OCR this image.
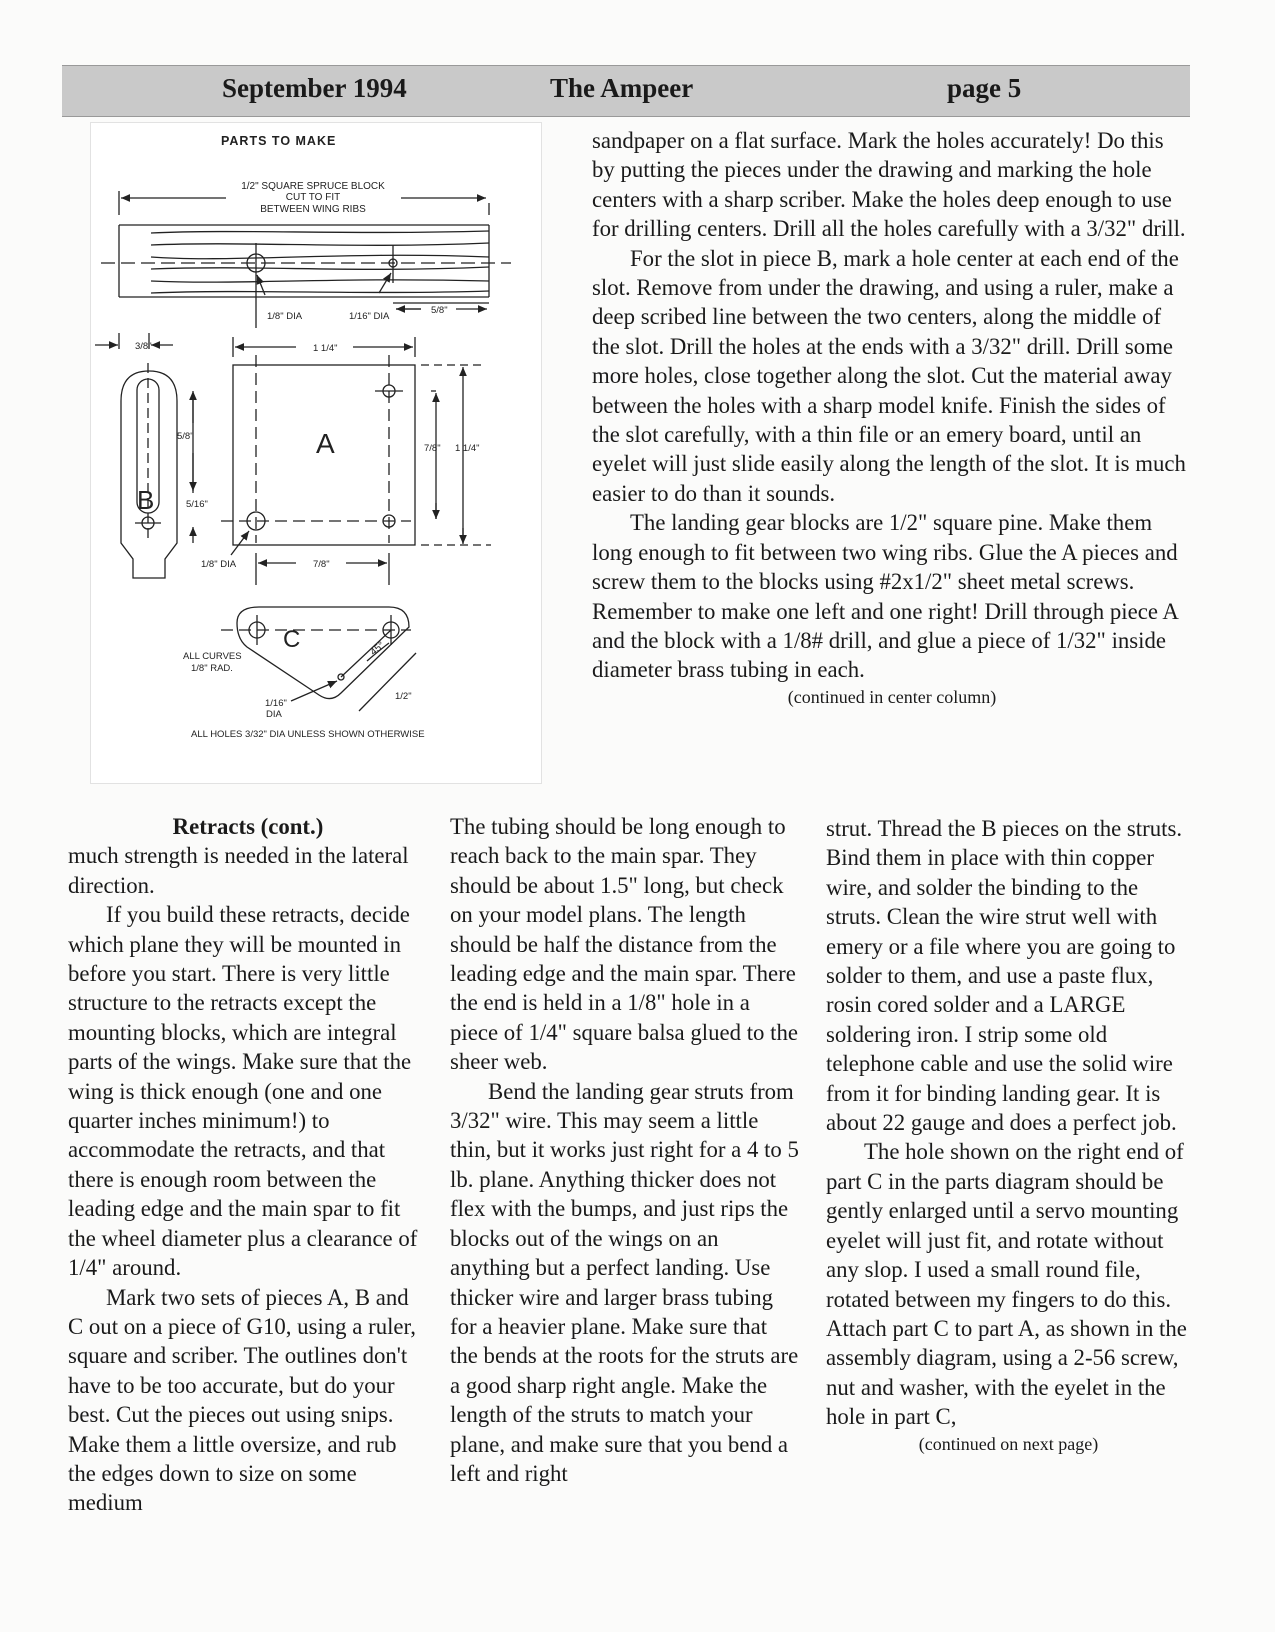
September 1994	The Ampeer	page 5
PARTS TO MAKE
1/2" SQUARE SPRUCE BLOCK
CUT TO FIT
BETWEEN WING RIBS
1/8" DIA	1/16" DIA
5/8"
3/8"	1 1/4"
B
5/8"
5/16"
A	7/8" 1 1/4"
1/8" DIA	7/8"
C
ALL CURVES
1/8" RAD.
45°
1/2"
1/16"
DIA
ALL HOLES 3/32" DIA UNLESS SHOWN OTHERWISE

sandpaper on a flat surface. Mark the holes accurately! Do this by putting the pieces under the drawing and marking the hole centers with a sharp scriber. Make the holes deep enough to use for drilling centers. Drill all the holes carefully with a 3/32" drill.

For the slot in piece B, mark a hole center at each end of the slot. Remove from under the drawing, and using a ruler, make a deep scribed line between the two centers, along the middle of the slot. Drill the holes at the ends with a 3/32" drill. Drill some more holes, close together along the slot. Cut the material away between the holes with a sharp model knife. Finish the sides of the slot carefully, with a thin file or an emery board, until an eyelet will just slide easily along the length of the slot. It is much easier to do than it sounds.

The landing gear blocks are 1/2" square pine. Make them long enough to fit between two wing ribs. Glue the A pieces and screw them to the blocks using #2x1/2" sheet metal screws. Remember to make one left and one right! Drill through piece A and the block with a 1/8# drill, and glue a piece of 1/32" inside diameter brass tubing in each.

(continued in center column)

Retracts (cont.)

much strength is needed in the lateral direction.

If you build these retracts, decide which plane they will be mounted in before you start. There is very little structure to the retracts except the mounting blocks, which are integral parts of the wings. Make sure that the wing is thick enough (one and one quarter inches minimum!) to accommodate the retracts, and that there is enough room between the leading edge and the main spar to fit the wheel diameter plus a clearance of 1/4" around.

Mark two sets of pieces A, B and C out on a piece of G10, using a ruler, square and scriber. The outlines don't have to be too accurate, but do your best. Cut the pieces out using snips. Make them a little oversize, and rub the edges down to size on some medium

The tubing should be long enough to reach back to the main spar. They should be about 1.5" long, but check on your model plans. The length should be half the distance from the leading edge and the main spar. There the end is held in a 1/8" hole in a piece of 1/4" square balsa glued to the sheer web.

Bend the landing gear struts from 3/32" wire. This may seem a little thin, but it works just right for a 4 to 5 lb. plane. Anything thicker does not flex with the bumps, and just rips the blocks out of the wings on an anything but a perfect landing. Use thicker wire and larger brass tubing for a heavier plane. Make sure that the bends at the roots for the struts are a good sharp right angle. Make the length of the struts to match your plane, and make sure that you bend a left and right

strut. Thread the B pieces on the struts. Bind them in place with thin copper wire, and solder the binding to the struts. Clean the wire strut well with emery or a file where you are going to solder to them, and use a paste flux, rosin cored solder and a LARGE soldering iron. I strip some old telephone cable and use the solid wire from it for binding landing gear. It is about 22 gauge and does a perfect job.

The hole shown on the right end of part C in the parts diagram should be gently enlarged until a servo mounting eyelet will just fit, and rotate without any slop. I used a small round file, rotated between my fingers to do this. Attach part C to part A, as shown in the assembly diagram, using a 2-56 screw, nut and washer, with the eyelet in the hole in part C,

(continued on next page)
